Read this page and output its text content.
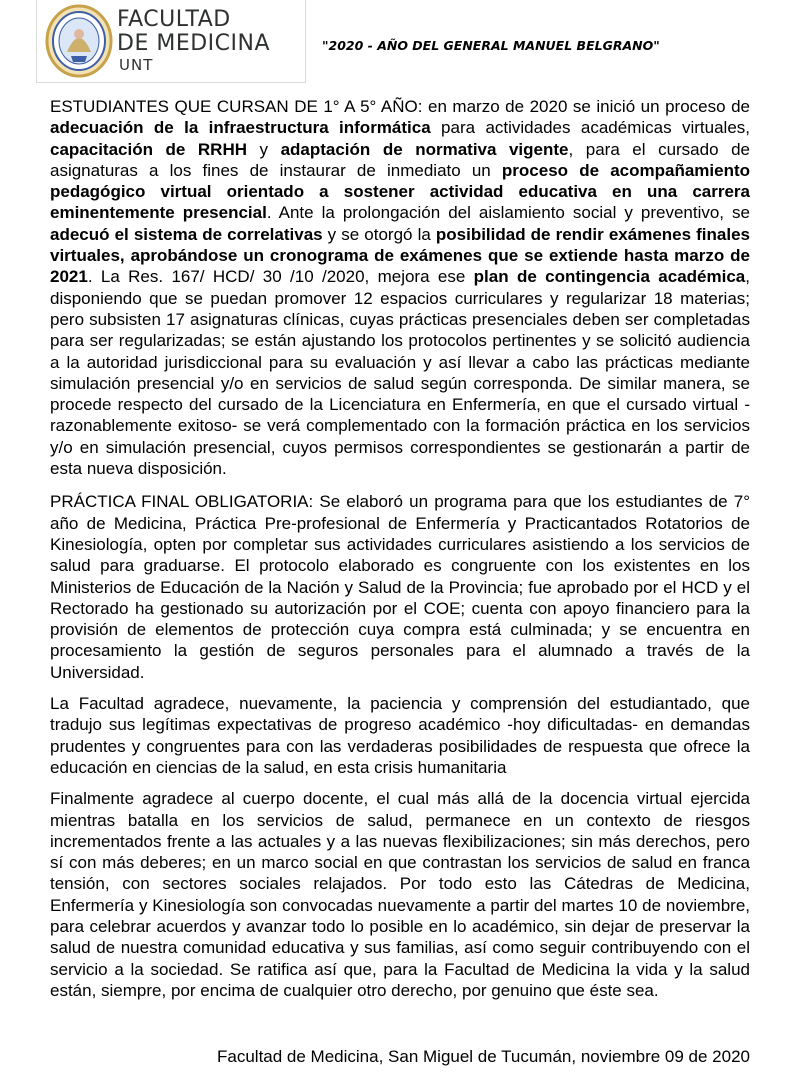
FACULTAD
DE MEDICINA
UNT
"2020 - AÑO DEL GENERAL MANUEL BELGRANO"

ESTUDIANTES QUE CURSAN DE 1° A 5° AÑO: en marzo de 2020 se inició un proceso de adecuación de la infraestructura informática para actividades académicas virtuales, capacitación de RRHH y adaptación de normativa vigente, para el cursado de asignaturas a los fines de instaurar de inmediato un proceso de acompañamiento pedagógico virtual orientado a sostener actividad educativa en una carrera eminentemente presencial. Ante la prolongación del aislamiento social y preventivo, se adecuó el sistema de correlativas y se otorgó la posibilidad de rendir exámenes finales virtuales, aprobándose un cronograma de exámenes que se extiende hasta marzo de 2021. La Res. 167/ HCD/ 30 /10 /2020, mejora ese plan de contingencia académica, disponiendo que se puedan promover 12 espacios curriculares y regularizar 18 materias; pero subsisten 17 asignaturas clínicas, cuyas prácticas presenciales deben ser completadas para ser regularizadas; se están ajustando los protocolos pertinentes y se solicitó audiencia a la autoridad jurisdiccional para su evaluación y así llevar a cabo las prácticas mediante simulación presencial y/o en servicios de salud según corresponda. De similar manera, se procede respecto del cursado de la Licenciatura en Enfermería, en que el cursado virtual -razonablemente exitoso- se verá complementado con la formación práctica en los servicios y/o en simulación presencial, cuyos permisos correspondientes se gestionarán a partir de esta nueva disposición.

PRÁCTICA FINAL OBLIGATORIA: Se elaboró un programa para que los estudiantes de 7° año de Medicina, Práctica Pre-profesional de Enfermería y Practicantados Rotatorios de Kinesiología, opten por completar sus actividades curriculares asistiendo a los servicios de salud para graduarse. El protocolo elaborado es congruente con los existentes en los Ministerios de Educación de la Nación y Salud de la Provincia; fue aprobado por el HCD y el Rectorado ha gestionado su autorización por el COE; cuenta con apoyo financiero para la provisión de elementos de protección cuya compra está culminada; y se encuentra en procesamiento la gestión de seguros personales para el alumnado a través de la Universidad.

La Facultad agradece, nuevamente, la paciencia y comprensión del estudiantado, que tradujo sus legítimas expectativas de progreso académico -hoy dificultadas- en demandas prudentes y congruentes para con las verdaderas posibilidades de respuesta que ofrece la educación en ciencias de la salud, en esta crisis humanitaria

Finalmente agradece al cuerpo docente, el cual más allá de la docencia virtual ejercida mientras batalla en los servicios de salud, permanece en un contexto de riesgos incrementados frente a las actuales y a las nuevas flexibilizaciones; sin más derechos, pero sí con más deberes; en un marco social en que contrastan los servicios de salud en franca tensión, con sectores sociales relajados. Por todo esto las Cátedras de Medicina, Enfermería y Kinesiología son convocadas nuevamente a partir del martes 10 de noviembre, para celebrar acuerdos y avanzar todo lo posible en lo académico, sin dejar de preservar la salud de nuestra comunidad educativa y sus familias, así como seguir contribuyendo con el servicio a la sociedad. Se ratifica así que, para la Facultad de Medicina la vida y la salud están, siempre, por encima de cualquier otro derecho, por genuino que éste sea.

Facultad de Medicina, San Miguel de Tucumán, noviembre 09 de 2020
